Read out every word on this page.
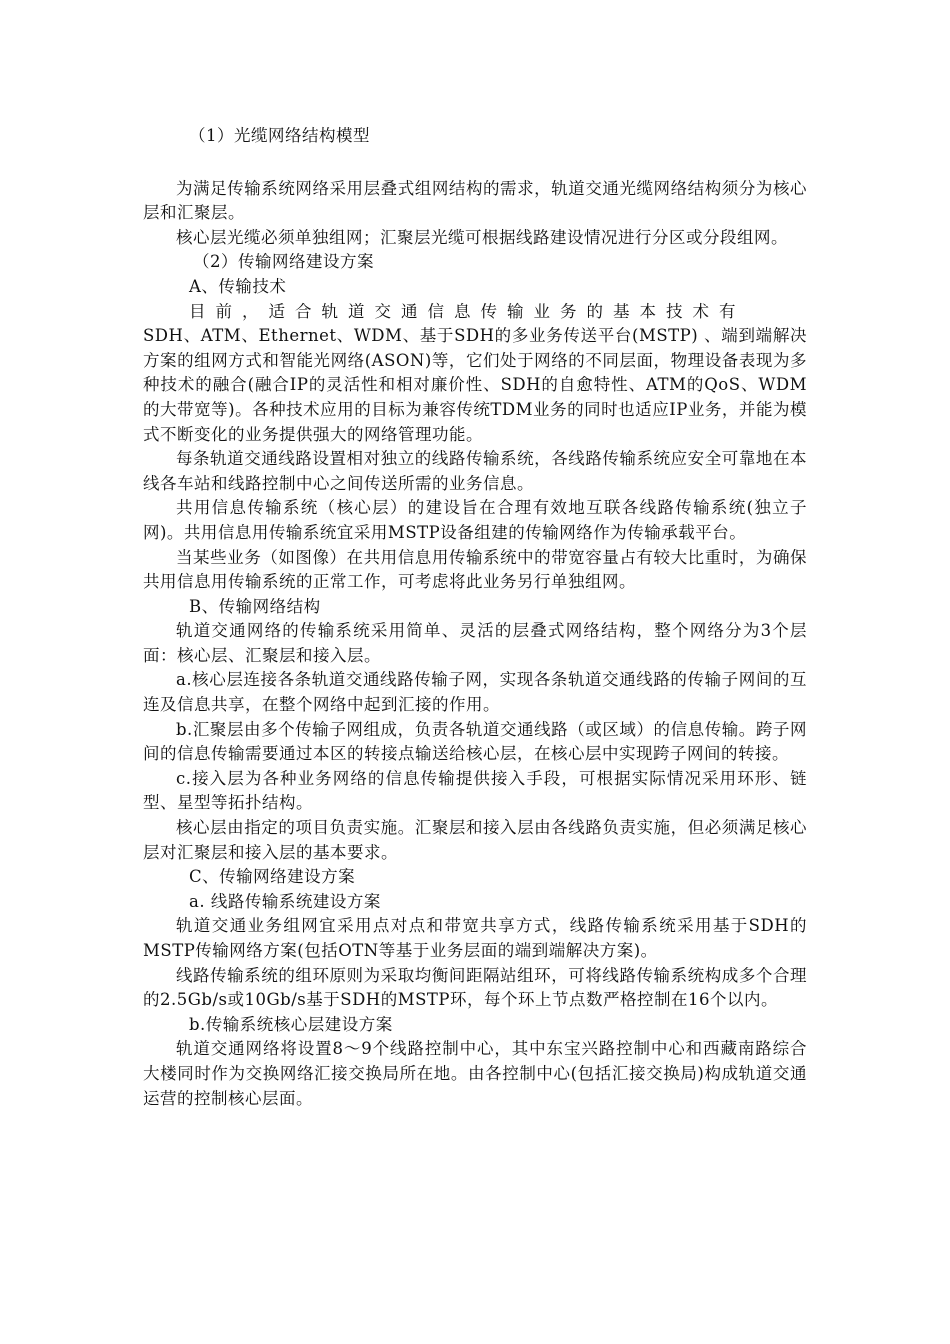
（1）光缆网络结构模型

为满足传输系统网络采用层叠式组网结构的需求，轨道交通光缆网络结构须分为核心层和汇聚层。

核心层光缆必须单独组网；汇聚层光缆可根据线路建设情况进行分区或分段组网。

（2）传输网络建设方案
A、传输技术
目前，适合轨道交通信息传输业务的基本技术有
SDH、ATM、Ethernet、WDM、基于SDH的多业务传送平台(MSTP) 、端到端解决方案的组网方式和智能光网络(ASON)等，它们处于网络的不同层面，物理设备表现为多种技术的融合(融合IP的灵活性和相对廉价性、SDH的自愈特性、ATM的QoS、WDM的大带宽等)。各种技术应用的目标为兼容传统TDM业务的同时也适应IP业务，并能为模式不断变化的业务提供强大的网络管理功能。

每条轨道交通线路设置相对独立的线路传输系统，各线路传输系统应安全可靠地在本线各车站和线路控制中心之间传送所需的业务信息。

共用信息传输系统（核心层）的建设旨在合理有效地互联各线路传输系统(独立子网)。共用信息用传输系统宜采用MSTP设备组建的传输网络作为传输承载平台。

当某些业务（如图像）在共用信息用传输系统中的带宽容量占有较大比重时，为确保共用信息用传输系统的正常工作，可考虑将此业务另行单独组网。

B、传输网络结构

轨道交通网络的传输系统采用简单、灵活的层叠式网络结构，整个网络分为3个层面：核心层、汇聚层和接入层。

a.核心层连接各条轨道交通线路传输子网，实现各条轨道交通线路的传输子网间的互连及信息共享，在整个网络中起到汇接的作用。

b.汇聚层由多个传输子网组成，负责各轨道交通线路（或区域）的信息传输。跨子网间的信息传输需要通过本区的转接点输送给核心层，在核心层中实现跨子网间的转接。

c.接入层为各种业务网络的信息传输提供接入手段，可根据实际情况采用环形、链型、星型等拓扑结构。

核心层由指定的项目负责实施。汇聚层和接入层由各线路负责实施，但必须满足核心层对汇聚层和接入层的基本要求。

C、传输网络建设方案
a. 线路传输系统建设方案

轨道交通业务组网宜采用点对点和带宽共享方式，线路传输系统采用基于SDH的MSTP传输网络方案(包括OTN等基于业务层面的端到端解决方案)。

线路传输系统的组环原则为采取均衡间距隔站组环，可将线路传输系统构成多个合理的2.5Gb/s或10Gb/s基于SDH的MSTP环，每个环上节点数严格控制在16个以内。

b.传输系统核心层建设方案

轨道交通网络将设置8～9个线路控制中心，其中东宝兴路控制中心和西藏南路综合大楼同时作为交换网络汇接交换局所在地。由各控制中心(包括汇接交换局)构成轨道交通运营的控制核心层面。
